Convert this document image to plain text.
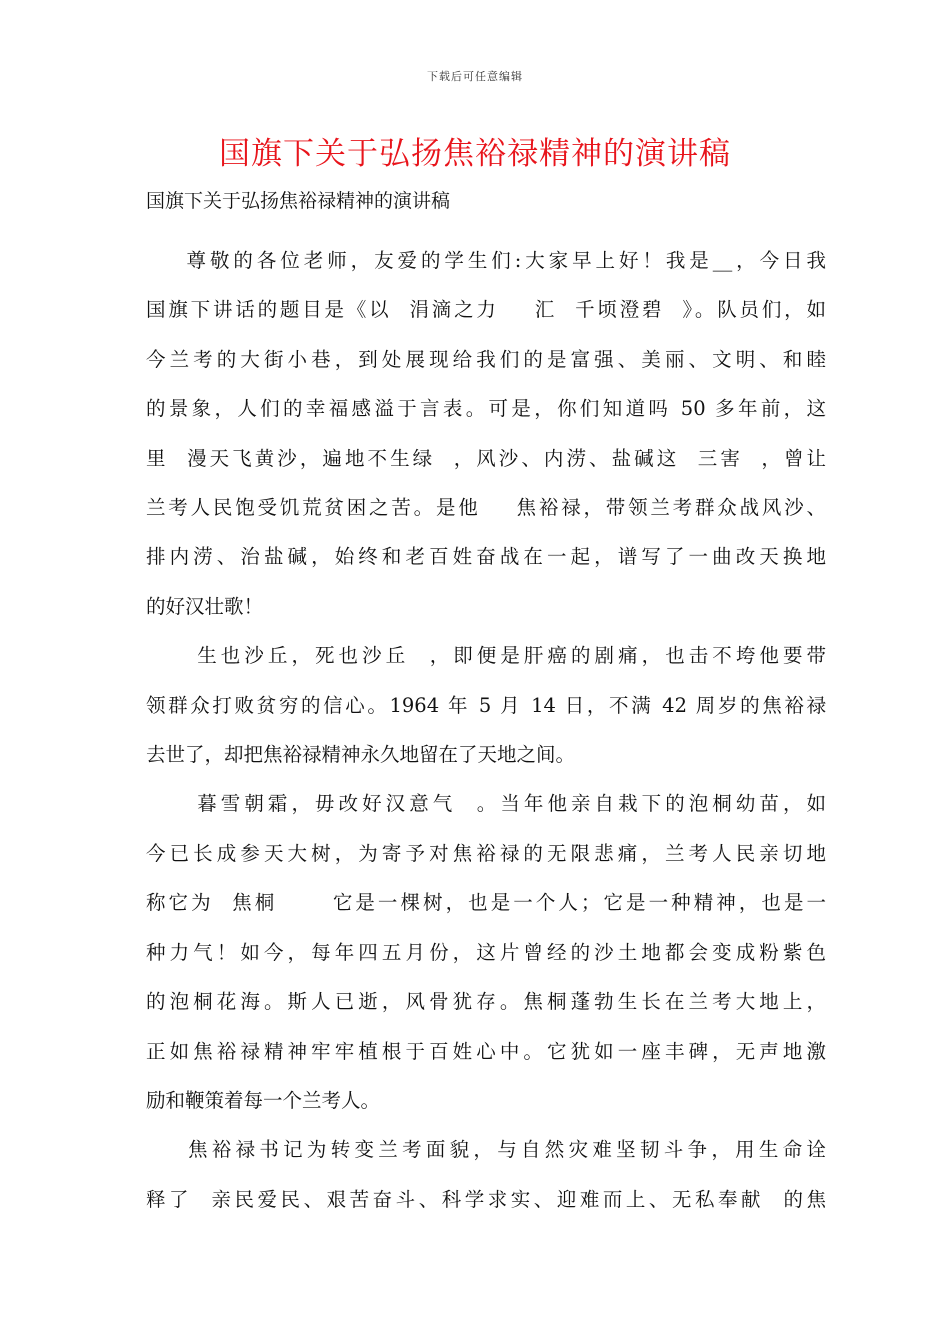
下载后可任意编辑
国旗下关于弘扬焦裕禄精神的演讲稿
国旗下关于弘扬焦裕禄精神的演讲稿
尊敬的各位老师，友爱的学生们:大家早上好！我是__，今日我
国旗下讲话的题目是《以  涓滴之力    汇  千顷澄碧  》。队员们，如
今兰考的大街小巷，到处展现给我们的是富强、美丽、文明、和睦
的景象，人们的幸福感溢于言表。可是，你们知道吗 50 多年前，这
里  漫天飞黄沙，遍地不生绿  ，风沙、内涝、盐碱这  三害  ，曾让
兰考人民饱受饥荒贫困之苦。是他    焦裕禄，带领兰考群众战风沙、
排内涝、治盐碱，始终和老百姓奋战在一起，谱写了一曲改天换地
的好汉壮歌！
生也沙丘，死也沙丘  ，即便是肝癌的剧痛，也击不垮他要带
领群众打败贫穷的信心。1964 年 5 月 14 日，不满 42 周岁的焦裕禄
去世了，却把焦裕禄精神永久地留在了天地之间。
暮雪朝霜，毋改好汉意气  。当年他亲自栽下的泡桐幼苗，如
今已长成参天大树，为寄予对焦裕禄的无限悲痛，兰考人民亲切地
称它为  焦桐      它是一棵树，也是一个人；它是一种精神，也是一
种力气！如今，每年四五月份，这片曾经的沙土地都会变成粉紫色
的泡桐花海。斯人已逝，风骨犹存。焦桐蓬勃生长在兰考大地上，
正如焦裕禄精神牢牢植根于百姓心中。它犹如一座丰碑，无声地激
励和鞭策着每一个兰考人。
焦裕禄书记为转变兰考面貌，与自然灾难坚韧斗争，用生命诠
释了  亲民爱民、艰苦奋斗、科学求实、迎难而上、无私奉献  的焦
